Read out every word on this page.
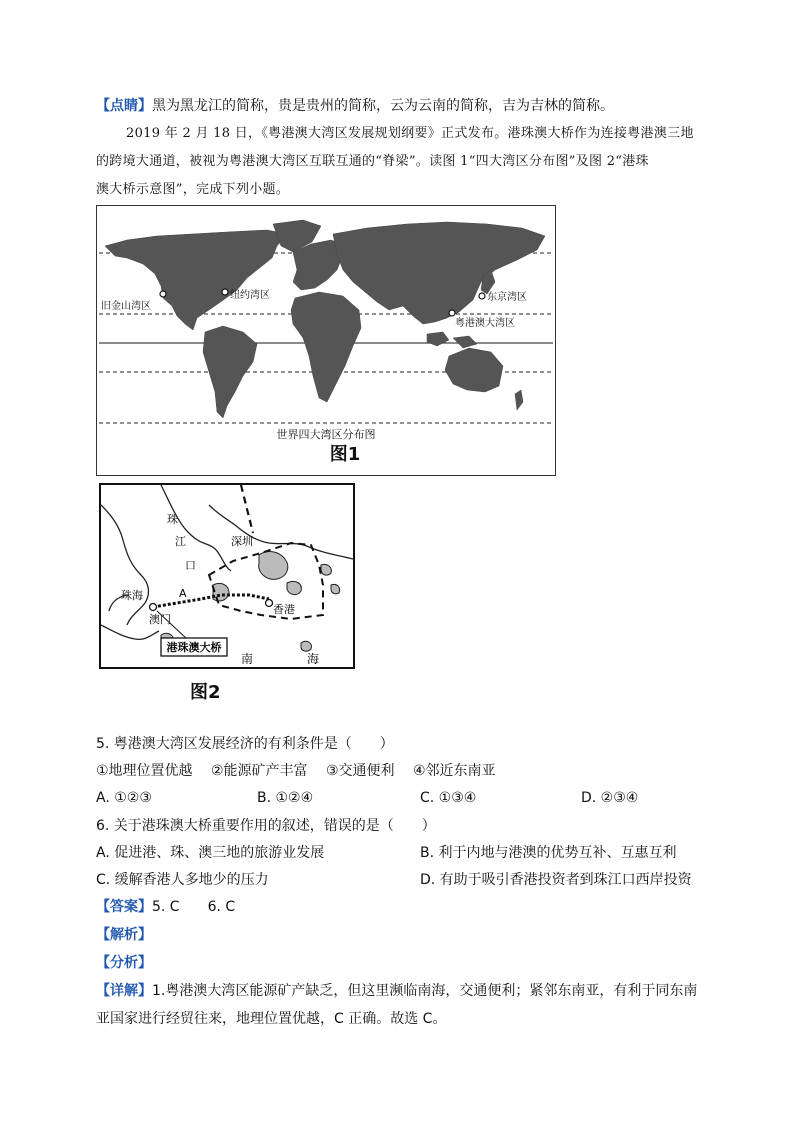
【点睛】黑为黑龙江的简称，贵是贵州的简称，云为云南的简称，吉为吉林的简称。
2019 年 2 月 18 日，《粤港澳大湾区发展规划纲要》正式发布。港珠澳大桥作为连接粤港澳三地
的跨境大通道，被视为粤港澳大湾区互联互通的“脊梁”。读图 1“四大湾区分布图”及图 2“港珠
澳大桥示意图”，完成下列小题。
旧金山湾区
纽约湾区	东京湾区
粤港澳大湾区
世界四大湾区分布图
图1
珠
江
口
深圳
珠海	A
澳门
香港
港珠澳大桥
南	海
图2
5. 粤港澳大湾区发展经济的有利条件是（　　）
①地理位置优越　 ②能源矿产丰富　 ③交通便利　 ④邻近东南亚
A. ①②③	B. ①②④	C. ①③④	D. ②③④
6. 关于港珠澳大桥重要作用的叙述，错误的是（　　）
A. 促进港、珠、澳三地的旅游业发展	B. 利于内地与港澳的优势互补、互惠互利
C. 缓解香港人多地少的压力	D. 有助于吸引香港投资者到珠江口西岸投资
【答案】5. C　　6. C
【解析】
【分析】
【详解】1.粤港澳大湾区能源矿产缺乏，但这里濒临南海，交通便利；紧邻东南亚，有利于同东南
亚国家进行经贸往来，地理位置优越，C 正确。故选 C。
